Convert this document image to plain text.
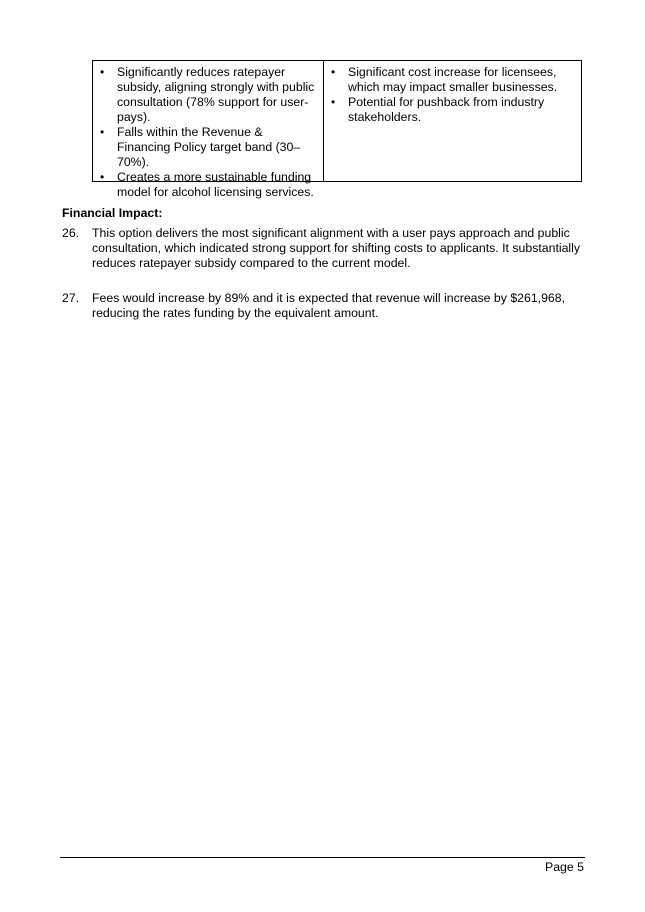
• Significantly reduces ratepayer subsidy, aligning strongly with public consultation (78% support for user-pays).
• Falls within the Revenue & Financing Policy target band (30–70%).
• Creates a more sustainable funding model for alcohol licensing services.
• Significant cost increase for licensees, which may impact smaller businesses.
• Potential for pushback from industry stakeholders.
Financial Impact:
26. This option delivers the most significant alignment with a user pays approach and public consultation, which indicated strong support for shifting costs to applicants. It substantially reduces ratepayer subsidy compared to the current model.
27. Fees would increase by 89% and it is expected that revenue will increase by $261,968, reducing the rates funding by the equivalent amount.
Page 5
